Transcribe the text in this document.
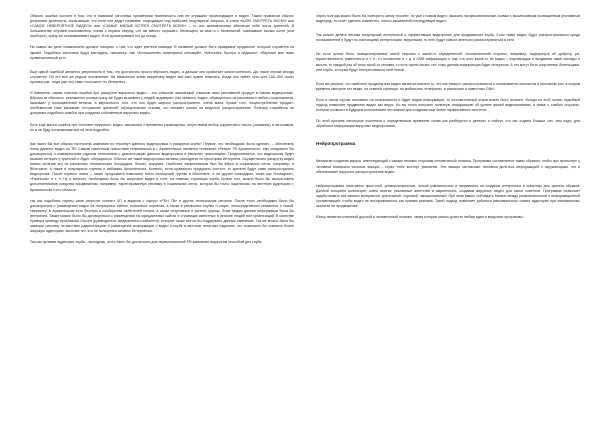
Обычно ошибка состоит в том, что в названии заголовка чрезмерная помпезность или не отражают происходящее в видео. Таким провалом обычно допускают дилетанты, полагающие, что если они дадут название, подходящее под наиболее популярные запросы, в стиле «ШОК! СМОТРЕТЬ ВСЕМ!» или «САМОЕ НЕВЕРОЯТНОЕ ВИДЕО!» или «САМЫЕ МИЛЫЕ КОТЯТА СМОТРЕТЬ ВСЕМ!» – то они автоматически обеспечат себе поток зрителей. В большинстве случаев пользователи, поняв с первых секунд, что им вместо хорошего, бегающего за кем-то с бензопилой, показывают милых котят (или наоборот), сразу же останавливают видео. И не досматривают его до конца.

На самом же деле ознакомлено должно говорить о том, что ждет зрителя наиводе. В название должен быть правдивое преданное, который случается на экране. Подобные заголовки будут выглядеть, например, так: «Большинство популярных сенсаций», «Mercedes: Быстро и надежно», «Вкусные мне ниже примечательный кот».

Еще одной ошибкой является уверенность в том, что достаточно просто вбросить видео, а дальше оно сработает самостоятельно. Да, такое случае иногда случается. Но это все же редкое исключение. На начальном этапе вирусному видео все-таки нужно помогать. Когда оно имеет чуть-чуть 150–300 тысяч просмотров, тогда уже оно само «положит» по Интернету.

И наверное, самая опасная ошибка при раскрутке вирусного видео – это слишком заказанный слишком явно рекламный продукт в самом видеоролике. Вбросы из обычного, рекламного ролика сразу же будет вызывает у людей недоверие. Как правило, видео, обращенного на рекламного любого пользователя, вызывает у пользователей негатив, а вероятность того, что оно будет широко распространено, очень мала. Кроме того, злоупотребление продакт-плейсментом тоже вызывает отторжение зрителей, отрицательные отзывы, что снижает шансы на вирусное распространение. Поэтому старайтесь не допускать подобных ошибок при создании собственных вирусных видео.

Есть еще масса ошибок при «посеве» вирусного видео, связанных с временем размещения, отсутствием выбор корректного текста (описания) и заголовков, но и не буду останавливаться на этих подробно.

Как часто бы все обычно построена кампания по «посеву» данного видеоролика и раскрутки клуба? Первое, что необходимо было сделать, – обеспечить поток данного видео по ТВ. Самым известным новостным телеканалом в г. Архангельске является телеканал «Регион ТВ Архангельск», ему следовало бы договориться о коммерческом отделом телеканала о демонстрации данного видеоролика в вечерних трансляциях. Предполагается, что видеоролик будет вызвать интерес у зрителей и будет обсуждаться. Обычно же такие видеоролики активно расходятся по просторам Интернета. Осуществлять раскрутку видео можно оплатив его на различных тематических площадках, блогах, форумах. Наиболее эффективным был бы вброс в социальных сетях, например, в ВКонтакте, а также в популярных группах и пабликах Архангельска. Конечно, если правильно продумать контент, то зрители будут сами распространять видеоролик. После первого этапа – также продолжить повышать поток посещений группы в ВКонтакте, и на других площадках, таких как «Instagram», «Facebook» и т. п. Ну и конечно, необходимо было бы закрепить видео в топе, на главных страницах клуба. Кроме того, можно было бы использовать дополнительные средства продвижения, например, таргетированную рекламу в социальных сетях, которая бы точно нацелилась на местную аудиторию г. Архангельска и его области.

так как подобные группы сами репостят контент ЧП и вирусов с сферы «РЕН ТВ» и других телеканалов региона. После этого необходимо было бы договориться о размещении видео на популярных сайтах, новостных порталах, а также в различных клубах и лицах, непосредственно связанных с темой. Например, в Архангельске есть блогеры и сообщества любителей спорта, а также спортивные и фитнес группы. Этим людям данная информация была бы интересна. Также можно было бы договориться о размещении на официальных сайтах и страницах известных в регионе людей или организаций. В качестве примера приведу Кульбакова Сергея (руководитель федерального кабинета), которые также могли бы поддержать данную кампанию. Так же можно было бы заказать рекламу на местных радиостанциях и размещение информации о видео и клубе в местных печатных изданиях, что позволило бы охватить более широкую аудиторию, включая тех, кто не пользуется активно Интернетом.

Так как целевая аудитория клуба – молодежь, этого было бы достаточно для первоначальной РR-кампании недорогим способом для клуба.

Через полгода можно было бы повторить схему «посев», но уже с новым видео: заказать профессиональные съемки с эксклюзивным посвященным рекламным видеоряд, то стоит сделать совместно, только заказанный последующей видео.

Так можно делать весьма популярный интересный и эффективный видеоролик для продвижения клуба. Если такие видео будут распространяться среди пользователей и будут по-настоящему интересными, вирусными, то есть будут самостоятельно распространяться в сети.

Но если целью было позиционирование некой персоны с какой-то определенной, положительной стороны, например, подчеркнуть её доброту, ум, мужественность, известность и т. п., то положение и т. д. в СМИ информации о том, что есть какое-то ее видео – подтверждая и продвигая такие взгляды и мысли, то каждый раз об этом такой-то человек, то есть нужно искать тех, кому данная информация будет интересна. А это могут быть спортивные болельщики, или клубы, которые будут интересоваться этой темой.

Если вы решили, что наиболее продвинутым видео является именно то, что как «вирус» распространяется и показывается миллионы и миллионы раз, в скором времени смотрите его везде: на главной странице, на мобильных телефонах, в различных и известных СМИ.

Если в таком случае поставить на пользователя и будет видна информация, то положительный отзыв может быть полезен. Исходя из этой логики подобный подход позволяет продвигать видео как вирус. Но вы точно получите полезную информацию об уровне вашей видеокомпании, а также о слабых сторонах, которые позволят в будущем использовать эти знания для создания еще более эффективного контента.

По этой причине некоторые участники с определенным временем снова как разберутся в деталях и поймут, что мы отдаем больше сил, чем надо, для обработки информации вирусных видеороликов.

Нейропрограмма

Механизм создания вируса, апеллирующий к самым темным сторонам человеческой психики. Программа составляется таким образом, чтобы при просмотре у человека возникали сильные эмоции – страх, гнев, восторг, умиление. Эти эмоции заставляют человека делиться информацией с окружающими, что и обеспечивает вирусное распространение видео.

Нейропрограмма отличается простотой, универсальностью, легкой усвояемостью и направлена на создание интересных и понятных для зрителя образов. Данный алгоритм используют очень многие рекламные агентства и маркетологи, создавая вирусные видео для своих клиентов. Программа позволяет задействовать все каналы восприятия: зрительный, слуховой, эмоциональный. При этом важно соблюдать баланс между развлекательной и информационной составляющей, чтобы видео не воспринималось как прямая реклама. Такой подход позволяет добиться максимального охвата аудитории при минимальных затратах на продвижение.

Юмор является ключевой дорогой в человеческой психике, через которую можно донести любые идеи и вирусные программы.
